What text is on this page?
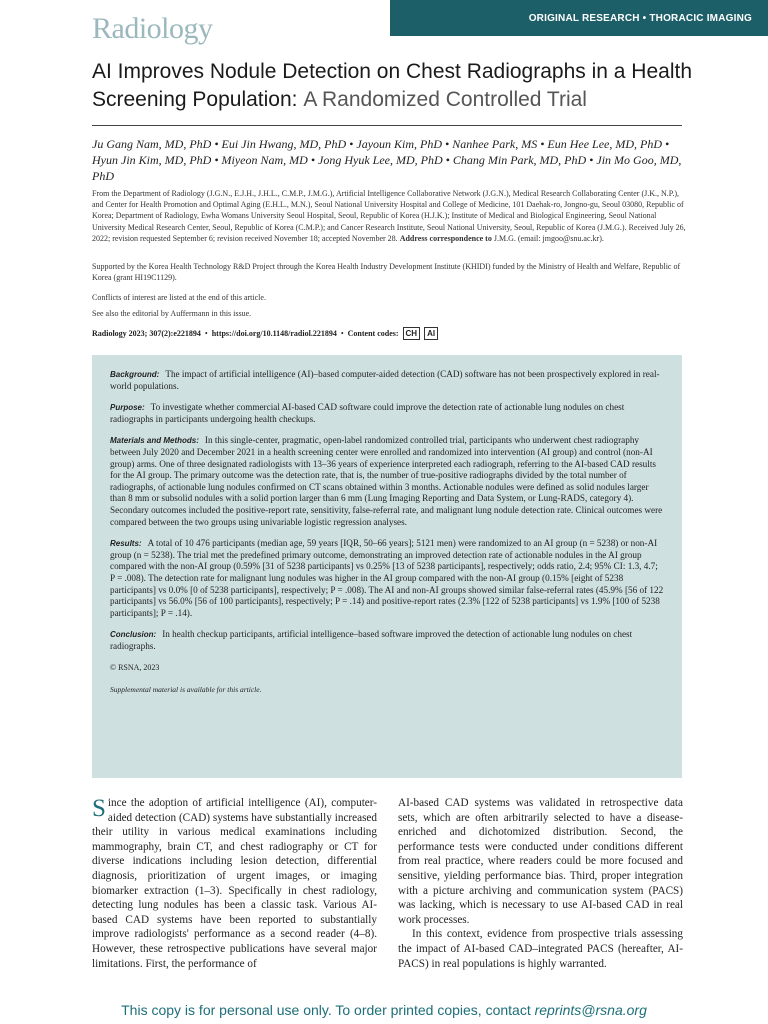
Radiology	ORIGINAL RESEARCH • THORACIC IMAGING
AI Improves Nodule Detection on Chest Radiographs in a Health Screening Population: A Randomized Controlled Trial
Ju Gang Nam, MD, PhD • Eui Jin Hwang, MD, PhD • Jayoun Kim, PhD • Nanhee Park, MS • Eun Hee Lee, MD, PhD • Hyun Jin Kim, MD, PhD • Miyeon Nam, MD • Jong Hyuk Lee, MD, PhD • Chang Min Park, MD, PhD • Jin Mo Goo, MD, PhD
From the Department of Radiology (J.G.N., E.J.H., J.H.L., C.M.P., J.M.G.), Artificial Intelligence Collaborative Network (J.G.N.), Medical Research Collaborating Center (J.K., N.P.), and Center for Health Promotion and Optimal Aging (E.H.L., M.N.), Seoul National University Hospital and College of Medicine, 101 Daehak-ro, Jongno-gu, Seoul 03080, Republic of Korea; Department of Radiology, Ewha Womans University Seoul Hospital, Seoul, Republic of Korea (H.J.K.); Institute of Medical and Biological Engineering, Seoul National University Medical Research Center, Seoul, Republic of Korea (C.M.P.); and Cancer Research Institute, Seoul National University, Seoul, Republic of Korea (J.M.G.). Received July 26, 2022; revision requested September 6; revision received November 18; accepted November 28. Address correspondence to J.M.G. (email: jmgoo@snu.ac.kr).
Supported by the Korea Health Technology R&D Project through the Korea Health Industry Development Institute (KHIDI) funded by the Ministry of Health and Welfare, Republic of Korea (grant HI19C1129).
Conflicts of interest are listed at the end of this article.
See also the editorial by Auffermann in this issue.
Radiology 2023; 307(2):e221894 • https://doi.org/10.1148/radiol.221894 • Content codes: CH	AI

Background: The impact of artificial intelligence (AI)–based computer-aided detection (CAD) software has not been prospectively explored in real-world populations.

Purpose: To investigate whether commercial AI-based CAD software could improve the detection rate of actionable lung nodules on chest radiographs in participants undergoing health checkups.

Materials and Methods: In this single-center, pragmatic, open-label randomized controlled trial, participants who underwent chest radiography between July 2020 and December 2021 in a health screening center were enrolled and randomized into intervention (AI group) and control (non-AI group) arms. One of three designated radiologists with 13–36 years of experience interpreted each radiograph, referring to the AI-based CAD results for the AI group. The primary outcome was the detection rate, that is, the number of true-positive radiographs divided by the total number of radiographs, of actionable lung nodules confirmed on CT scans obtained within 3 months. Actionable nodules were defined as solid nodules larger than 8 mm or subsolid nodules with a solid portion larger than 6 mm (Lung Imaging Reporting and Data System, or Lung-RADS, category 4). Secondary outcomes included the positive-report rate, sensitivity, false-referral rate, and malignant lung nodule detection rate. Clinical outcomes were compared between the two groups using univariable logistic regression analyses.

Results: A total of 10 476 participants (median age, 59 years [IQR, 50–66 years]; 5121 men) were randomized to an AI group (n = 5238) or non-AI group (n = 5238). The trial met the predefined primary outcome, demonstrating an improved detection rate of actionable nodules in the AI group compared with the non-AI group (0.59% [31 of 5238 participants] vs 0.25% [13 of 5238 participants], respectively; odds ratio, 2.4; 95% CI: 1.3, 4.7; P = .008). The detection rate for malignant lung nodules was higher in the AI group compared with the non-AI group (0.15% [eight of 5238 participants] vs 0.0% [0 of 5238 participants], respectively; P = .008). The AI and non-AI groups showed similar false-referral rates (45.9% [56 of 122 participants] vs 56.0% [56 of 100 participants], respectively; P = .14) and positive-report rates (2.3% [122 of 5238 participants] vs 1.9% [100 of 5238 participants]; P = .14).

Conclusion: In health checkup participants, artificial intelligence–based software improved the detection of actionable lung nodules on chest radiographs.

© RSNA, 2023

Supplemental material is available for this article.

Since the adoption of artificial intelligence (AI), computer-aided detection (CAD) systems have substantially increased their utility in various medical examinations including mammography, brain CT, and chest radiography or CT for diverse indications including lesion detection, differential diagnosis, prioritization of urgent images, or imaging biomarker extraction (1–3). Specifically in chest radiology, detecting lung nodules has been a classic task. Various AI-based CAD systems have been reported to substantially improve radiologists' performance as a second reader (4–8). However, these retrospective publications have several major limitations. First, the performance of

AI-based CAD systems was validated in retrospective data sets, which are often arbitrarily selected to have a disease-enriched and dichotomized distribution. Second, the performance tests were conducted under conditions different from real practice, where readers could be more focused and sensitive, yielding performance bias. Third, proper integration with a picture archiving and communication system (PACS) was lacking, which is necessary to use AI-based CAD in real work processes.

In this context, evidence from prospective trials assessing the impact of AI-based CAD–integrated PACS (hereafter, AI-PACS) in real populations is highly warranted.

This copy is for personal use only. To order printed copies, contact reprints@rsna.org
